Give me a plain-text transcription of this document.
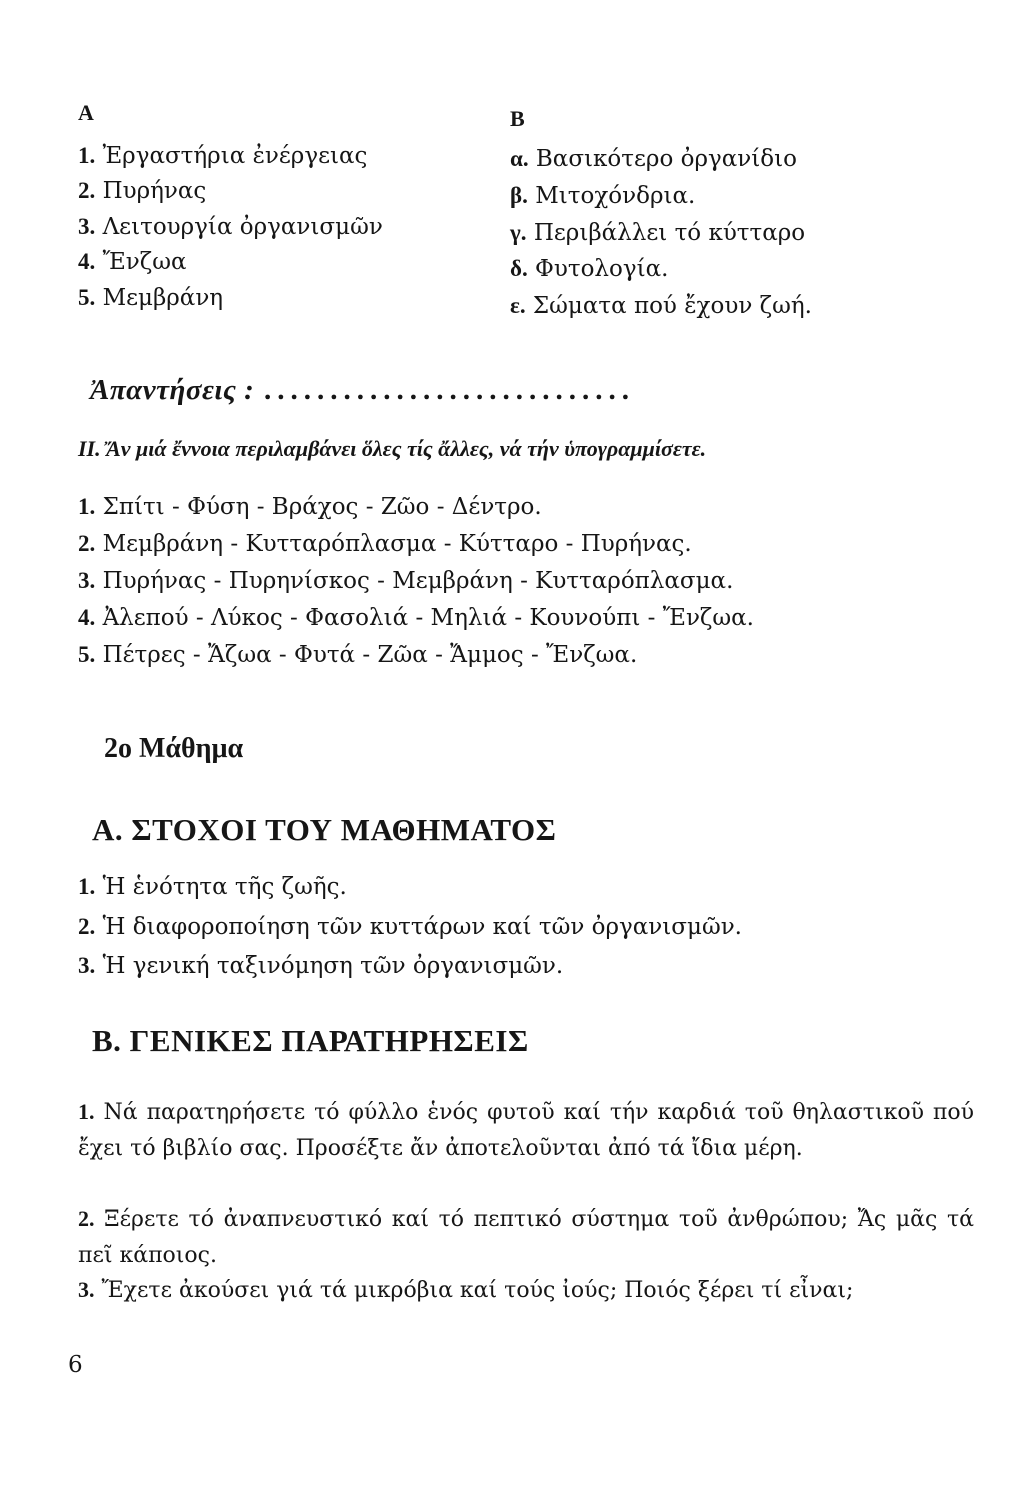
A	B
1. Ἐργαστήρια ἐνέργειας
2. Πυρήνας
3. Λειτουργία ὀργανισμῶν
4. Ἔνζωα
5. Μεμβράνη
α. Βασικότερο ὀργανίδιο
β. Μιτοχόνδρια.
γ. Περιβάλλει τό κύτταρο
δ. Φυτολογία.
ε. Σώματα πού ἔχουν ζωή.
Ἀπαντήσεις : ............................
II. Ἄν μιά ἔννοια περιλαμβάνει ὅλες τίς ἄλλες, νά τήν ὑπογραμμίσετε.
1. Σπίτι - Φύση - Βράχος - Ζῶο - Δέντρο.
2. Μεμβράνη - Κυτταρόπλασμα - Κύτταρο - Πυρήνας.
3. Πυρήνας - Πυρηνίσκος - Μεμβράνη - Κυτταρόπλασμα.
4. Ἀλεπού - Λύκος - Φασολιά - Μηλιά - Κουνούπι - Ἔνζωα.
5. Πέτρες - Ἄζωα - Φυτά - Ζῶα - Ἄμμος - Ἔνζωα.
2ο Μάθημα
Α. ΣΤΟΧΟΙ ΤΟΥ ΜΑΘΗΜΑΤΟΣ
1. Ἡ ἑνότητα τῆς ζωῆς.
2. Ἡ διαφοροποίηση τῶν κυττάρων καί τῶν ὀργανισμῶν.
3. Ἡ γενική ταξινόμηση τῶν ὀργανισμῶν.
Β. ΓΕΝΙΚΕΣ ΠΑΡΑΤΗΡΗΣΕΙΣ
1. Νά παρατηρήσετε τό φύλλο ἑνός φυτοῦ καί τήν καρδιά τοῦ θηλαστικοῦ πού ἔχει τό βιβλίο σας. Προσέξτε ἄν ἀποτελοῦνται ἀπό τά ἴδια μέρη.
2. Ξέρετε τό ἀναπνευστικό καί τό πεπτικό σύστημα τοῦ ἀνθρώπου; Ἄς μᾶς τά πεῖ κάποιος.
3. Ἔχετε ἀκούσει γιά τά μικρόβια καί τούς ἰούς; Ποιός ξέρει τί εἶναι;
6
